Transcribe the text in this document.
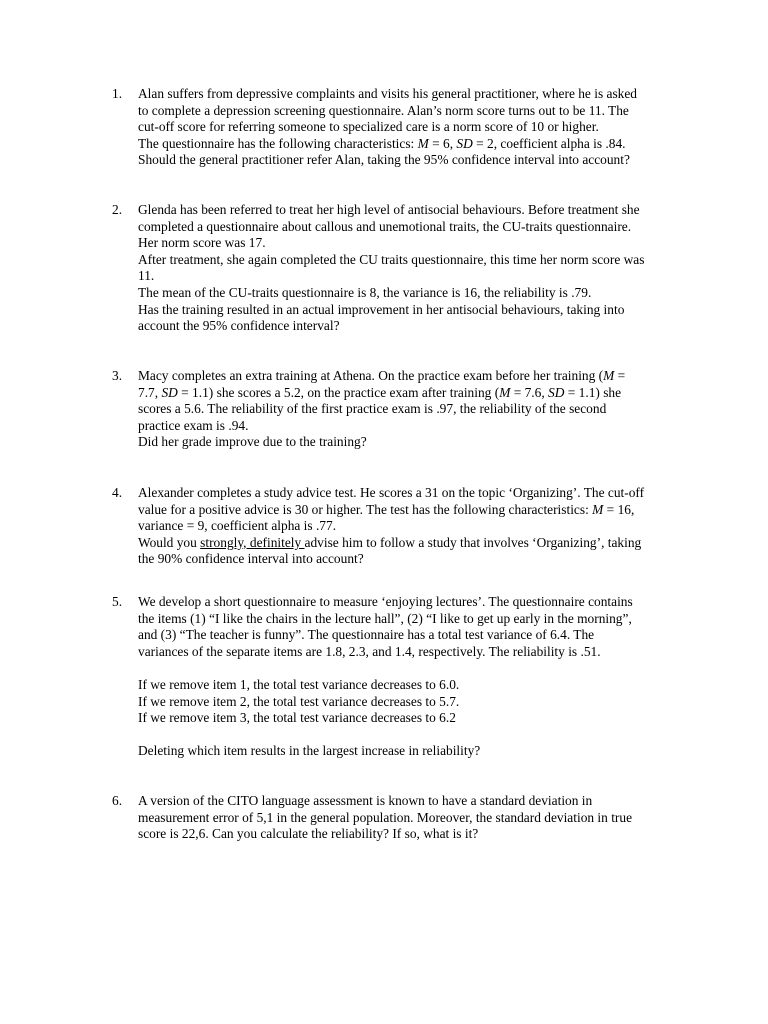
1.	Alan suffers from depressive complaints and visits his general practitioner, where he is asked
to complete a depression screening questionnaire. Alan’s norm score turns out to be 11. The
cut-off score for referring someone to specialized care is a norm score of 10 or higher.
The questionnaire has the following characteristics: M = 6, SD = 2, coefficient alpha is .84.
Should the general practitioner refer Alan, taking the 95% confidence interval into account?
2.	Glenda has been referred to treat her high level of antisocial behaviours. Before treatment she
completed a questionnaire about callous and unemotional traits, the CU-traits questionnaire.
Her norm score was 17.
After treatment, she again completed the CU traits questionnaire, this time her norm score was
11.
The mean of the CU-traits questionnaire is 8, the variance is 16, the reliability is .79.
Has the training resulted in an actual improvement in her antisocial behaviours, taking into
account the 95% confidence interval?
3.	Macy completes an extra training at Athena. On the practice exam before her training (M =
7.7, SD = 1.1) she scores a 5.2, on the practice exam after training (M = 7.6, SD = 1.1) she
scores a 5.6. The reliability of the first practice exam is .97, the reliability of the second
practice exam is .94.
Did her grade improve due to the training?
4.	Alexander completes a study advice test. He scores a 31 on the topic ‘Organizing’. The cut-off
value for a positive advice is 30 or higher. The test has the following characteristics: M = 16,
variance = 9, coefficient alpha is .77.
Would you strongly, definitely advise him to follow a study that involves ‘Organizing’, taking
the 90% confidence interval into account?
5.	We develop a short questionnaire to measure ‘enjoying lectures’. The questionnaire contains
the items (1) “I like the chairs in the lecture hall”, (2) “I like to get up early in the morning”,
and (3) “The teacher is funny”. The questionnaire has a total test variance of 6.4. The
variances of the separate items are 1.8, 2.3, and 1.4, respectively. The reliability is .51.
If we remove item 1, the total test variance decreases to 6.0.
If we remove item 2, the total test variance decreases to 5.7.
If we remove item 3, the total test variance decreases to 6.2
Deleting which item results in the largest increase in reliability?
6.	A version of the CITO language assessment is known to have a standard deviation in
measurement error of 5,1 in the general population. Moreover, the standard deviation in true
score is 22,6. Can you calculate the reliability? If so, what is it?
